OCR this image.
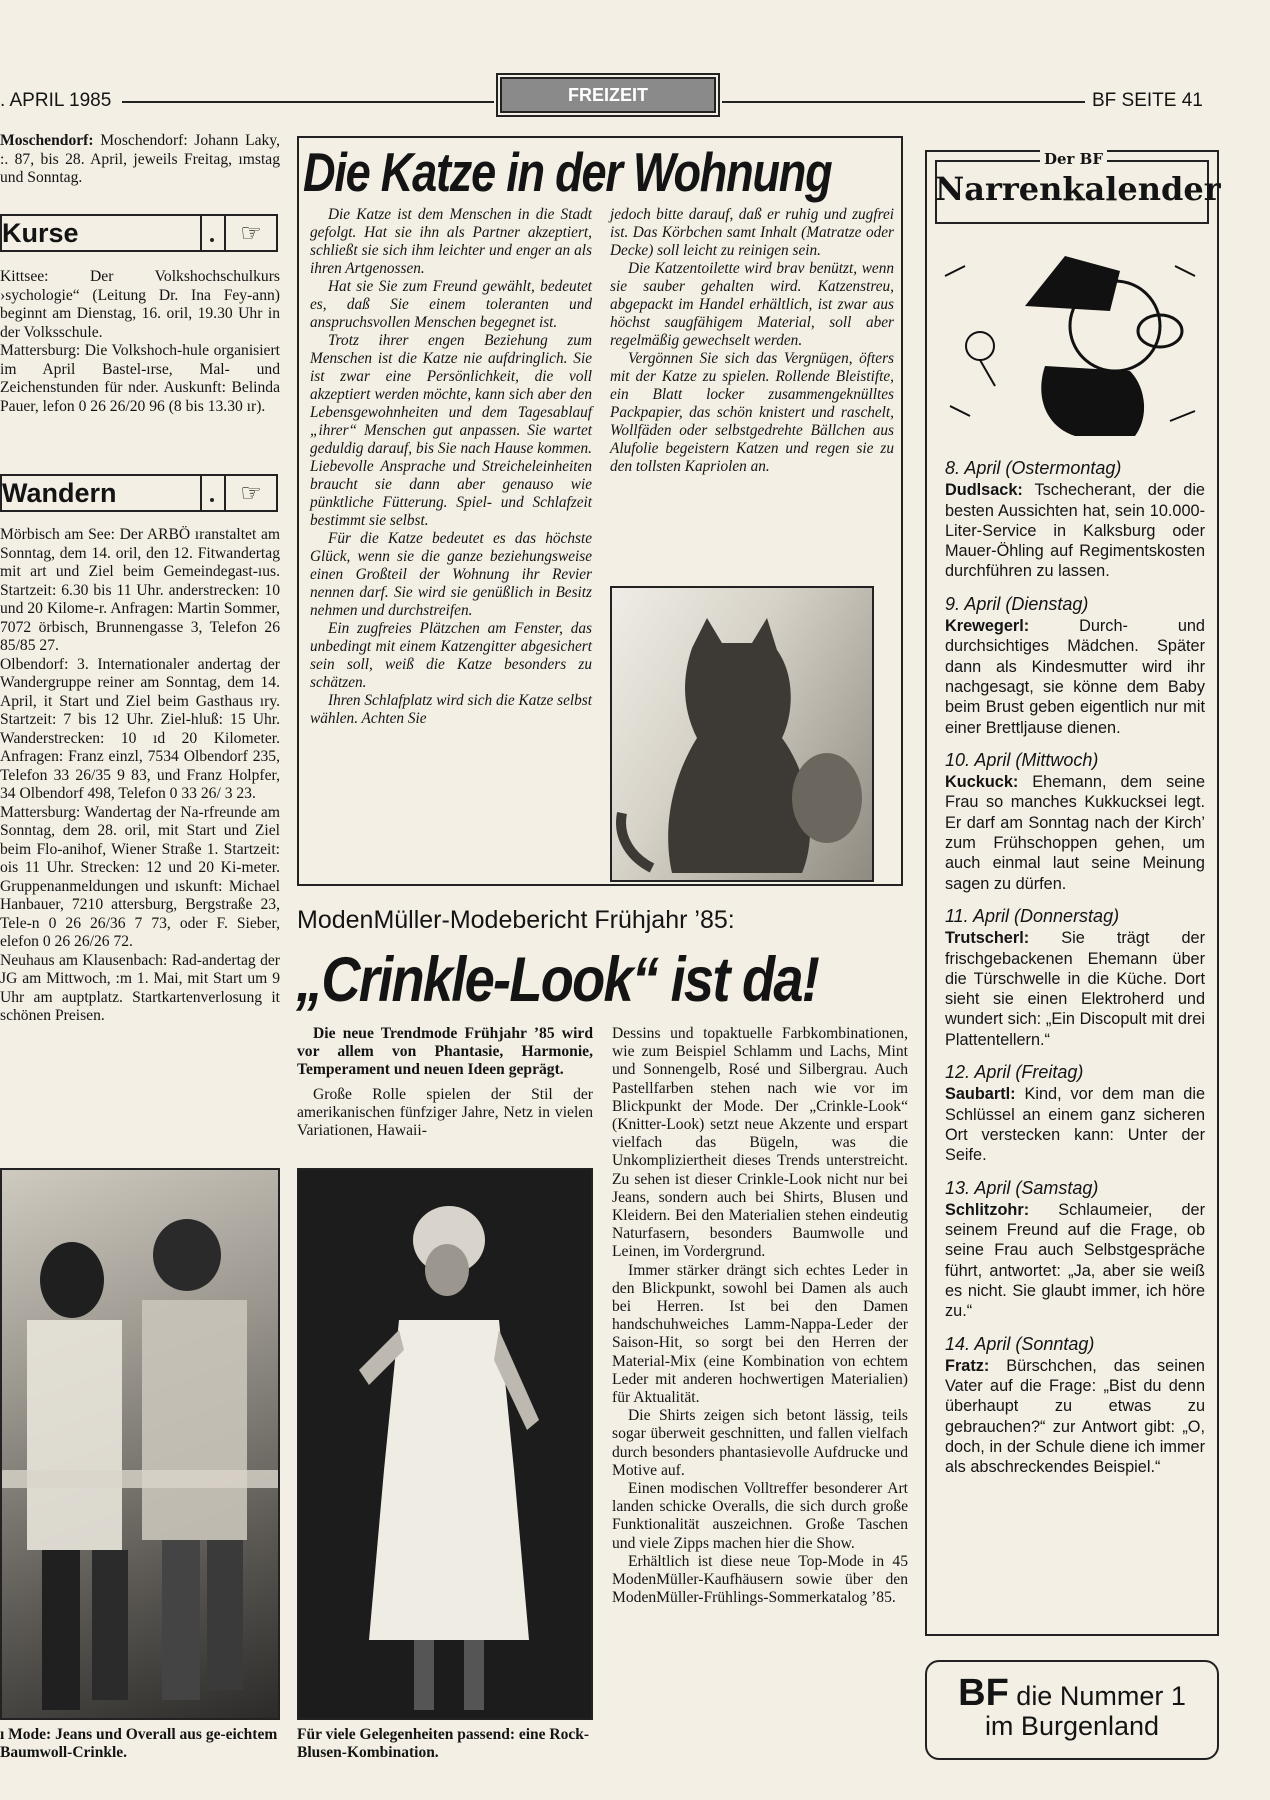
. APRIL 1985	FREIZEIT	BF SEITE 41

Moschendorf: Moschendorf: Johann Laky, :. 87, bis 28. April, jeweils Freitag, ımstag und Sonntag.

Kurse	☞

Kittsee: Der Volkshochschulkurs ›sychologie“ (Leitung Dr. Ina Fey-ann) beginnt am Dienstag, 16. oril, 19.30 Uhr in der Volksschule.

Mattersburg: Die Volkshoch-hule organisiert im April Bastel-ırse, Mal- und Zeichenstunden für nder. Auskunft: Belinda Pauer, lefon 0 26 26/20 96 (8 bis 13.30 ır).

Wandern	☞

Mörbisch am See: Der ARBÖ ıranstaltet am Sonntag, dem 14. oril, den 12. Fitwandertag mit art und Ziel beim Gemeindegast-ıus. Startzeit: 6.30 bis 11 Uhr. anderstrecken: 10 und 20 Kilome-r. Anfragen: Martin Sommer, 7072 örbisch, Brunnengasse 3, Telefon 26 85/85 27.

Olbendorf: 3. Internationaler andertag der Wandergruppe reiner am Sonntag, dem 14. April, it Start und Ziel beim Gasthaus ıry. Startzeit: 7 bis 12 Uhr. Ziel-hluß: 15 Uhr. Wanderstrecken: 10 ıd 20 Kilometer. Anfragen: Franz einzl, 7534 Olbendorf 235, Telefon 33 26/35 9 83, und Franz Holpfer, 34 Olbendorf 498, Telefon 0 33 26/ 3 23.

Mattersburg: Wandertag der Na-rfreunde am Sonntag, dem 28. oril, mit Start und Ziel beim Flo-anihof, Wiener Straße 1. Startzeit: ois 11 Uhr. Strecken: 12 und 20 Ki-meter. Gruppenanmeldungen und ıskunft: Michael Hanbauer, 7210 attersburg, Bergstraße 23, Tele-n 0 26 26/36 7 73, oder F. Sieber, elefon 0 26 26/26 72.

Neuhaus am Klausenbach: Rad-andertag der JG am Mittwoch, :m 1. Mai, mit Start um 9 Uhr am auptplatz. Startkartenverlosung it schönen Preisen.

ı Mode: Jeans und Overall aus ge-eichtem Baumwoll-Crinkle.
Die Katze in der Wohnung

Die Katze ist dem Menschen in die Stadt gefolgt. Hat sie ihn als Partner akzeptiert, schließt sie sich ihm leichter und enger an als ihren Artgenossen.

Hat sie Sie zum Freund gewählt, bedeutet es, daß Sie einem toleranten und anspruchsvollen Menschen begegnet ist.

Trotz ihrer engen Beziehung zum Menschen ist die Katze nie aufdringlich. Sie ist zwar eine Persönlichkeit, die voll akzeptiert werden möchte, kann sich aber den Lebensgewohnheiten und dem Tagesablauf „ihrer“ Menschen gut anpassen. Sie wartet geduldig darauf, bis Sie nach Hause kommen. Liebevolle Ansprache und Streicheleinheiten braucht sie dann aber genauso wie pünktliche Fütterung. Spiel- und Schlafzeit bestimmt sie selbst.

Für die Katze bedeutet es das höchste Glück, wenn sie die ganze beziehungsweise einen Großteil der Wohnung ihr Revier nennen darf. Sie wird sie genüßlich in Besitz nehmen und durchstreifen.

Ein zugfreies Plätzchen am Fenster, das unbedingt mit einem Katzengitter abgesichert sein soll, weiß die Katze besonders zu schätzen.

Ihren Schlafplatz wird sich die Katze selbst wählen. Achten Sie

jedoch bitte darauf, daß er ruhig und zugfrei ist. Das Körbchen samt Inhalt (Matratze oder Decke) soll leicht zu reinigen sein.

Die Katzentoilette wird brav benützt, wenn sie sauber gehalten wird. Katzenstreu, abgepackt im Handel erhältlich, ist zwar aus höchst saugfähigem Material, soll aber regelmäßig gewechselt werden.

Vergönnen Sie sich das Vergnügen, öfters mit der Katze zu spielen. Rollende Bleistifte, ein Blatt locker zusammengeknülltes Packpapier, das schön knistert und raschelt, Wollfäden oder selbstgedrehte Bällchen aus Alufolie begeistern Katzen und regen sie zu den tollsten Kapriolen an.

ModenMüller-Modebericht Frühjahr ’85:
„Crinkle-Look“ ist da!

Die neue Trendmode Frühjahr ’85 wird vor allem von Phantasie, Harmonie, Temperament und neuen Ideen geprägt.

Große Rolle spielen der Stil der amerikanischen fünfziger Jahre, Netz in vielen Variationen, Hawaii-

Für viele Gelegenheiten passend: eine Rock-Blusen-Kombination.

Dessins und topaktuelle Farbkombinationen, wie zum Beispiel Schlamm und Lachs, Mint und Sonnengelb, Rosé und Silbergrau. Auch Pastellfarben stehen nach wie vor im Blickpunkt der Mode. Der „Crinkle-Look“ (Knitter-Look) setzt neue Akzente und erspart vielfach das Bügeln, was die Unkompliziertheit dieses Trends unterstreicht. Zu sehen ist dieser Crinkle-Look nicht nur bei Jeans, sondern auch bei Shirts, Blusen und Kleidern. Bei den Materialien stehen eindeutig Naturfasern, besonders Baumwolle und Leinen, im Vordergrund.

Immer stärker drängt sich echtes Leder in den Blickpunkt, sowohl bei Damen als auch bei Herren. Ist bei den Damen handschuhweiches Lamm-Nappa-Leder der Saison-Hit, so sorgt bei den Herren der Material-Mix (eine Kombination von echtem Leder mit anderen hochwertigen Materialien) für Aktualität.

Die Shirts zeigen sich betont lässig, teils sogar überweit geschnitten, und fallen vielfach durch besonders phantasievolle Aufdrucke und Motive auf.

Einen modischen Volltreffer besonderer Art landen schicke Overalls, die sich durch große Funktionalität auszeichnen. Große Taschen und viele Zipps machen hier die Show.

Erhältlich ist diese neue Top-Mode in 45 ModenMüller-Kaufhäusern sowie über den ModenMüller-Frühlings-Sommerkatalog ’85.

Der BF
Narrenkalender

8. April (Ostermontag)
Dudlsack: Tschecherant, der die besten Aussichten hat, sein 10.000-Liter-Service in Kalksburg oder Mauer-Öhling auf Regimentskosten durchführen zu lassen.

9. April (Dienstag)
Krewegerl: Durch- und durchsichtiges Mädchen. Später dann als Kindesmutter wird ihr nachgesagt, sie könne dem Baby beim Brust geben eigentlich nur mit einer Brettljause dienen.

10. April (Mittwoch)
Kuckuck: Ehemann, dem seine Frau so manches Kukkucksei legt. Er darf am Sonntag nach der Kirch’ zum Frühschoppen gehen, um auch einmal laut seine Meinung sagen zu dürfen.

11. April (Donnerstag)
Trutscherl: Sie trägt der frischgebackenen Ehemann über die Türschwelle in die Küche. Dort sieht sie einen Elektroherd und wundert sich: „Ein Discopult mit drei Plattentellern.“

12. April (Freitag)
Saubartl: Kind, vor dem man die Schlüssel an einem ganz sicheren Ort verstecken kann: Unter der Seife.

13. April (Samstag)
Schlitzohr: Schlaumeier, der seinem Freund auf die Frage, ob seine Frau auch Selbstgespräche führt, antwortet: „Ja, aber sie weiß es nicht. Sie glaubt immer, ich höre zu.“

14. April (Sonntag)
Fratz: Bürschchen, das seinen Vater auf die Frage: „Bist du denn überhaupt zu etwas zu gebrauchen?“ zur Antwort gibt: „O, doch, in der Schule diene ich immer als abschreckendes Beispiel.“

BF die Nummer 1
im Burgenland
